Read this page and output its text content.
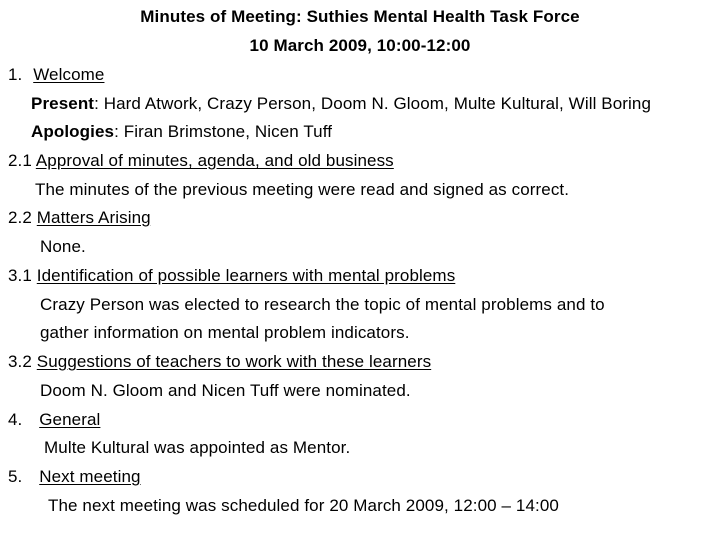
Minutes of Meeting: Suthies Mental Health Task Force
10 March 2009, 10:00-12:00
1. Welcome
Present: Hard Atwork, Crazy Person, Doom N. Gloom, Multe Kultural, Will Boring
Apologies: Firan Brimstone, Nicen Tuff
2.1 Approval of minutes, agenda, and old business
The minutes of the previous meeting were read and signed as correct.
2.2 Matters Arising
None.
3.1 Identification of possible learners with mental problems
Crazy Person was elected to research the topic of mental problems and to
gather information on mental problem indicators.
3.2 Suggestions of teachers to work with these learners
Doom N. Gloom and Nicen Tuff were nominated.
4. General
Multe Kultural was appointed as Mentor.
5. Next meeting
The next meeting was scheduled for 20 March 2009, 12:00 – 14:00
